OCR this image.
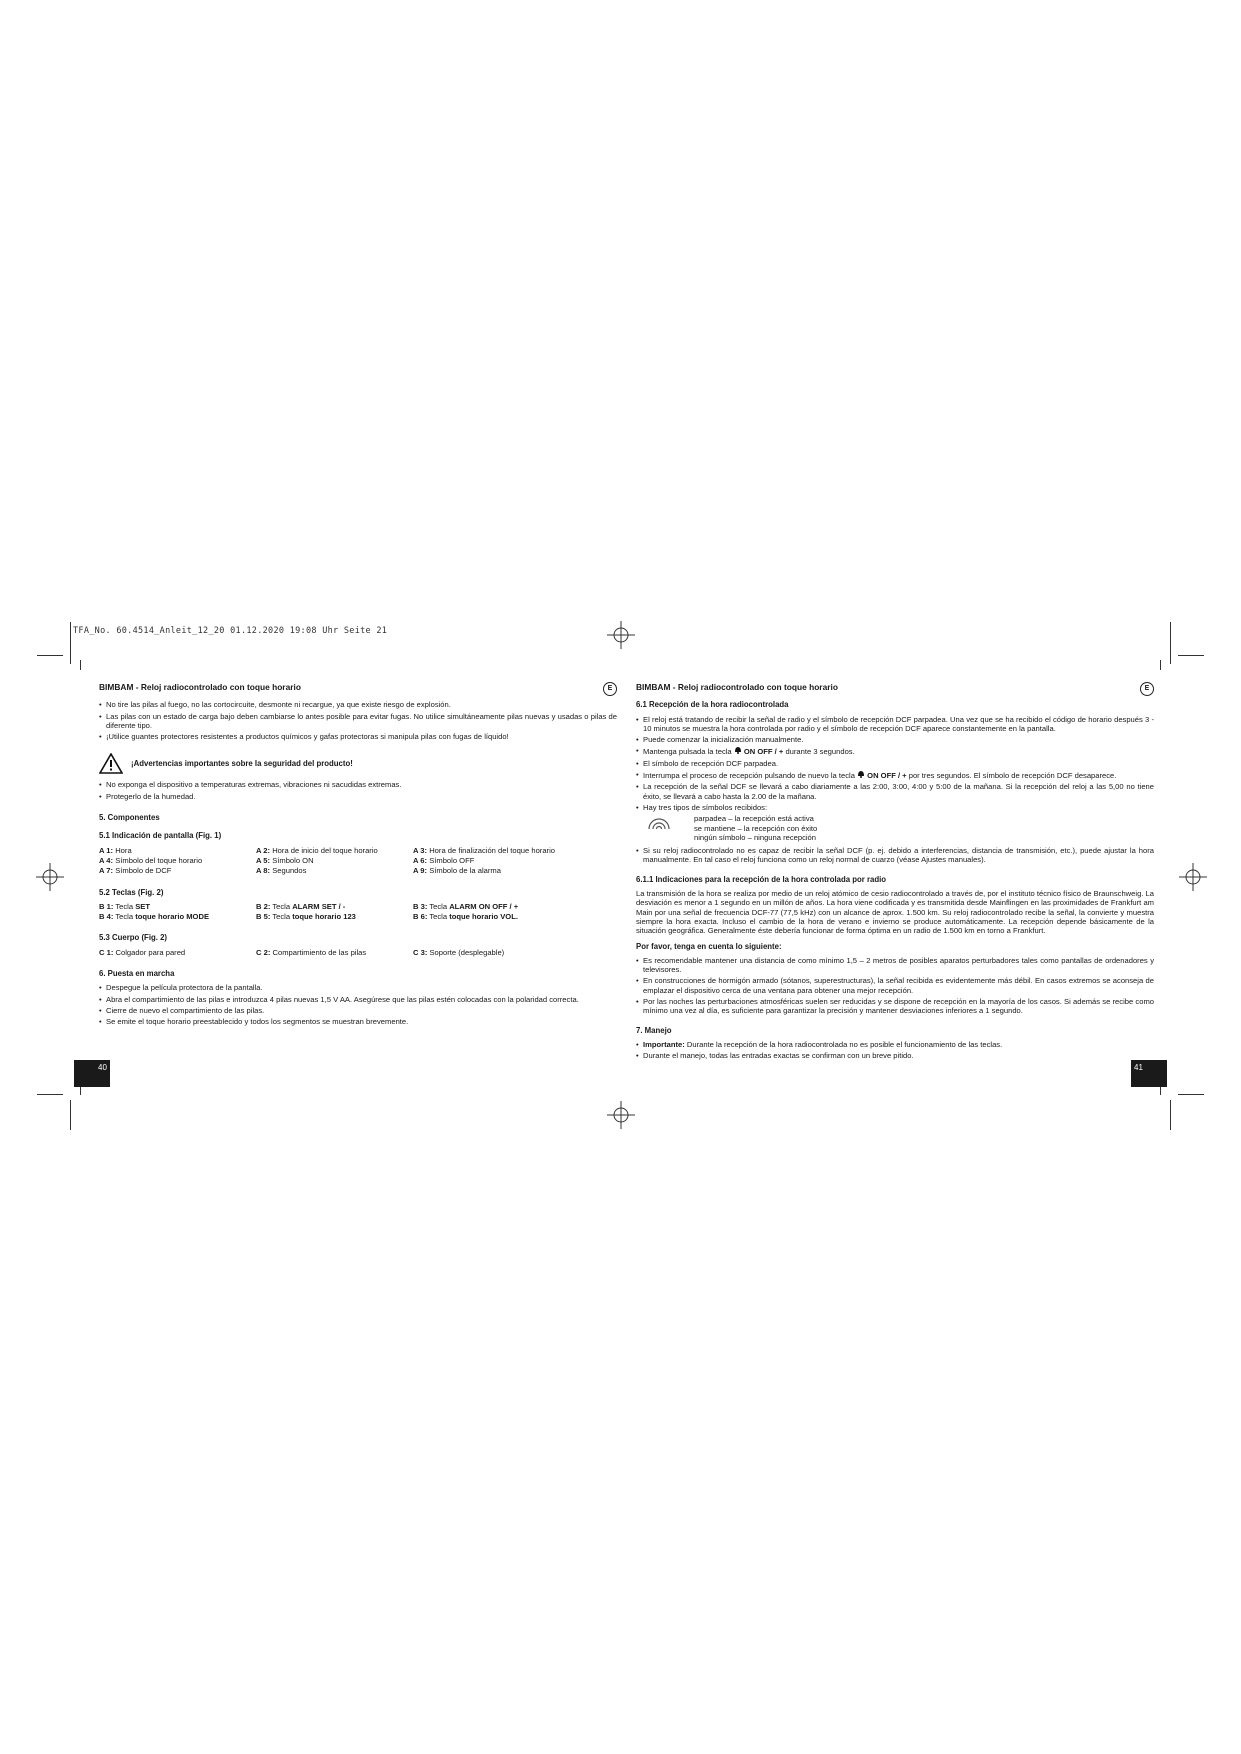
TFA_No. 60.4514_Anleit_12_20 01.12.2020 19:08 Uhr Seite 21
BIMBAM - Reloj radiocontrolado con toque horario	E
• No tire las pilas al fuego, no las cortocircuite, desmonte ni recargue, ya que existe riesgo de explosión.
• Las pilas con un estado de carga bajo deben cambiarse lo antes posible para evitar fugas. No utilice simultáneamente pilas nuevas y usadas o pilas de diferente tipo.
• ¡Utilice guantes protectores resistentes a productos químicos y gafas protectoras si manipula pilas con fugas de líquido!
¡Advertencias importantes sobre la seguridad del producto!
• No exponga el dispositivo a temperaturas extremas, vibraciones ni sacudidas extremas.
• Protegerlo de la humedad.
5. Componentes
5.1 Indicación de pantalla (Fig. 1)
A 1: Hora	A 2: Hora de inicio del toque horario	A 3: Hora de finalización del toque horario
A 4: Símbolo del toque horario	A 5: Símbolo ON	A 6: Símbolo OFF
A 7: Símbolo de DCF	A 8: Segundos	A 9: Símbolo de la alarma
5.2 Teclas (Fig. 2)
B 1: Tecla SET	B 2: Tecla ALARM SET / -	B 3: Tecla ALARM ON OFF / +
B 4: Tecla toque horario MODE	B 5: Tecla toque horario 123	B 6: Tecla toque horario VOL.
5.3 Cuerpo (Fig. 2)
C 1: Colgador para pared	C 2: Compartimiento de las pilas	C 3: Soporte (desplegable)
6. Puesta en marcha
• Despegue la película protectora de la pantalla.
• Abra el compartimiento de las pilas e introduzca 4 pilas nuevas 1,5 V AA. Asegúrese que las pilas estén colocadas con la polaridad correcta.
• Cierre de nuevo el compartimiento de las pilas.
• Se emite el toque horario preestablecido y todos los segmentos se muestran brevemente.
40
BIMBAM - Reloj radiocontrolado con toque horario	E
6.1 Recepción de la hora radiocontrolada
• El reloj está tratando de recibir la señal de radio y el símbolo de recepción DCF parpadea. Una vez que se ha recibido el código de horario después 3 - 10 minutos se muestra la hora controlada por radio y el símbolo de recepción DCF aparece constantemente en la pantalla.
• Puede comenzar la inicialización manualmente.
• Mantenga pulsada la tecla  ON OFF / + durante 3 segundos.
• El símbolo de recepción DCF parpadea.
• Interrumpa el proceso de recepción pulsando de nuevo la tecla  ON OFF / + por tres segundos. El símbolo de recepción DCF desaparece.
• La recepción de la señal DCF se llevará a cabo diariamente a las 2:00, 3:00, 4:00 y 5:00 de la mañana. Si la recepción del reloj a las 5,00 no tiene éxito, se llevará a cabo hasta la 2.00 de la mañana.
• Hay tres tipos de símbolos recibidos:
parpadea – la recepción está activa
se mantiene – la recepción con éxito
ningún símbolo – ninguna recepción
• Si su reloj radiocontrolado no es capaz de recibir la señal DCF (p. ej. debido a interferencias, distancia de transmisión, etc.), puede ajustar la hora manualmente. En tal caso el reloj funciona como un reloj normal de cuarzo (véase Ajustes manuales).
6.1.1 Indicaciones para la recepción de la hora controlada por radio

La transmisión de la hora se realiza por medio de un reloj atómico de cesio radiocontrolado a través de, por el instituto técnico físico de Braunschweig. La desviación es menor a 1 segundo en un millón de años. La hora viene codificada y es transmitida desde Mainflingen en las proximidades de Frankfurt am Main por una señal de frecuencia DCF-77 (77,5 kHz) con un alcance de aprox. 1.500 km. Su reloj radiocontrolado recibe la señal, la convierte y muestra siempre la hora exacta. Incluso el cambio de la hora de verano e invierno se produce automáticamente. La recepción depende básicamente de la situación geográfica. Generalmente éste debería funcionar de forma óptima en un radio de 1.500 km en torno a Frankfurt.

Por favor, tenga en cuenta lo siguiente:
• Es recomendable mantener una distancia de como mínimo 1,5 – 2 metros de posibles aparatos perturbadores tales como pantallas de ordenadores y televisores.
• En construcciones de hormigón armado (sótanos, superestructuras), la señal recibida es evidentemente más débil. En casos extremos se aconseja de emplazar el dispositivo cerca de una ventana para obtener una mejor recepción.
• Por las noches las perturbaciones atmosféricas suelen ser reducidas y se dispone de recepción en la mayoría de los casos. Si además se recibe como mínimo una vez al día, es suficiente para garantizar la precisión y mantener desviaciones inferiores a 1 segundo.
7. Manejo
• Importante: Durante la recepción de la hora radiocontrolada no es posible el funcionamiento de las teclas.
• Durante el manejo, todas las entradas exactas se confirman con un breve pitido.
41
